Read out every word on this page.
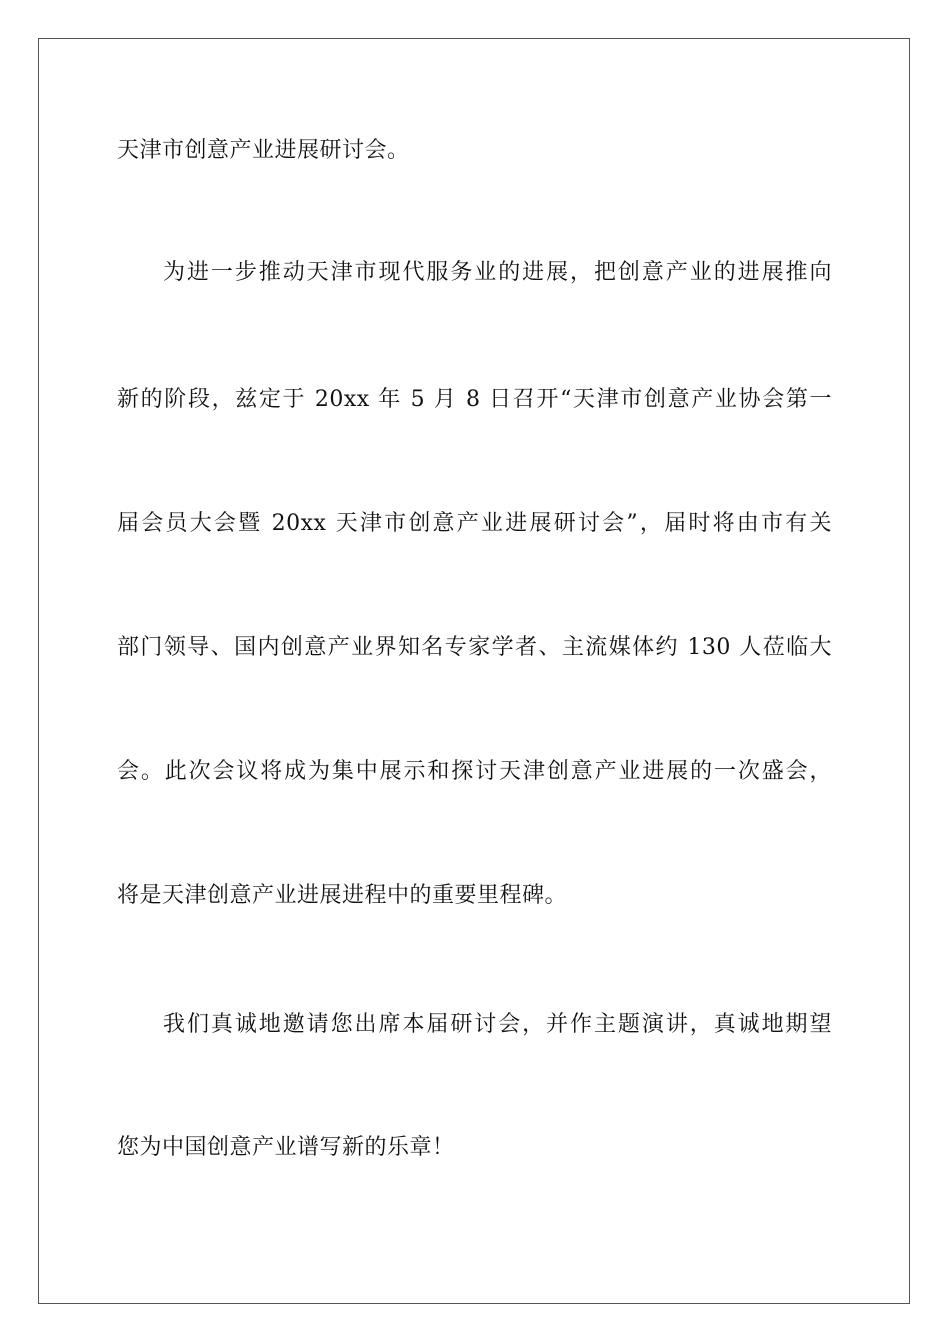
天津市创意产业进展研讨会。
为进一步推动天津市现代服务业的进展，把创意产业的进展推向
新的阶段，兹定于 20xx 年 5 月 8 日召开“天津市创意产业协会第一
届会员大会暨 20xx 天津市创意产业进展研讨会”，届时将由市有关
部门领导、国内创意产业界知名专家学者、主流媒体约 130 人莅临大
会。此次会议将成为集中展示和探讨天津创意产业进展的一次盛会，
将是天津创意产业进展进程中的重要里程碑。
我们真诚地邀请您出席本届研讨会，并作主题演讲，真诚地期望
您为中国创意产业谱写新的乐章！
